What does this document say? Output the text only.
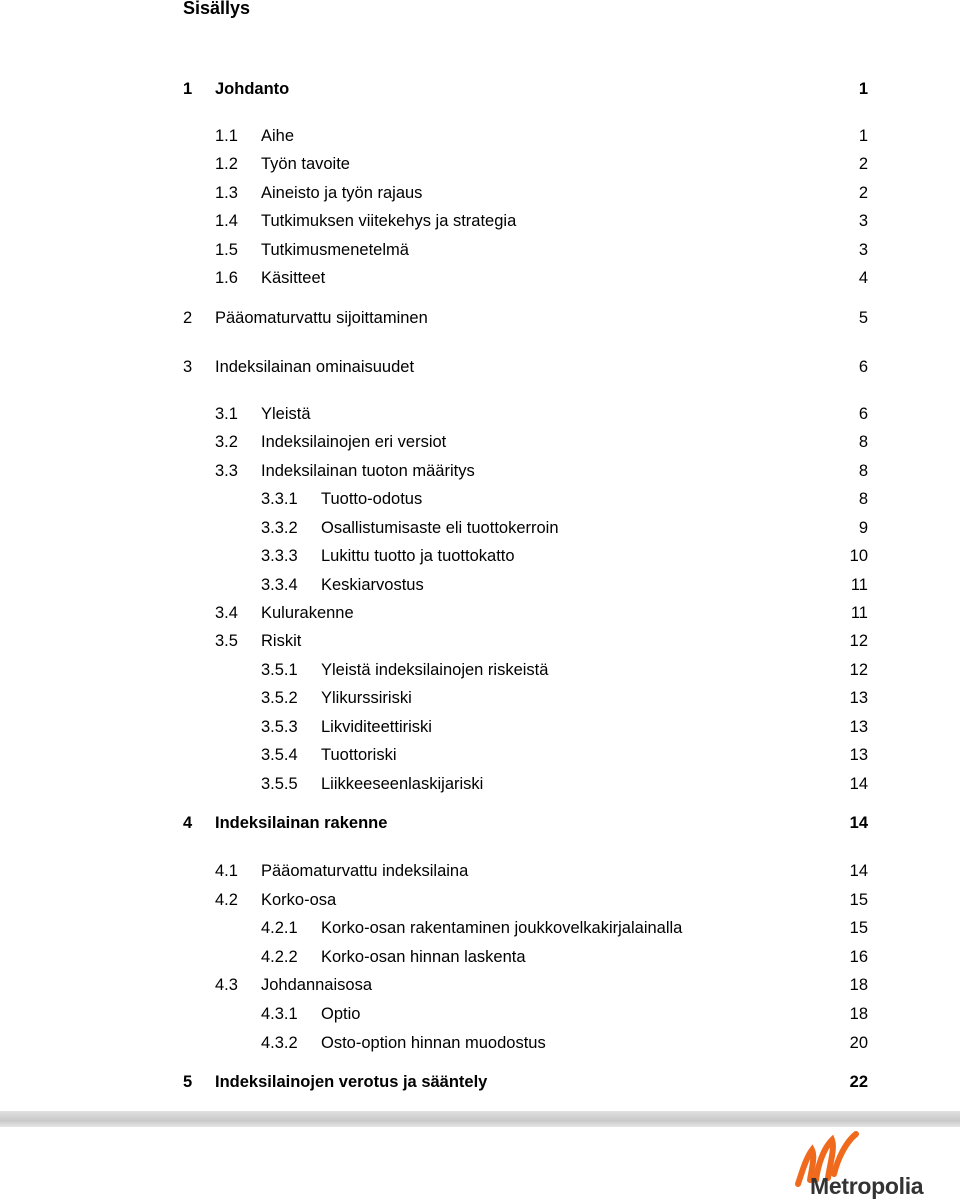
Sisällys
1 Johdanto	1
1.1 Aihe	1
1.2 Työn tavoite	2
1.3 Aineisto ja työn rajaus	2
1.4 Tutkimuksen viitekehys ja strategia	3
1.5 Tutkimusmenetelmä	3
1.6 Käsitteet	4
2 Pääomaturvattu sijoittaminen	5
3 Indeksilainan ominaisuudet	6
3.1 Yleistä	6
3.2 Indeksilainojen eri versiot	8
3.3 Indeksilainan tuoton määritys	8
3.3.1 Tuotto-odotus	8
3.3.2 Osallistumisaste eli tuottokerroin	9
3.3.3 Lukittu tuotto ja tuottokatto	10
3.3.4 Keskiarvostus	11
3.4 Kulurakenne	11
3.5 Riskit	12
3.5.1 Yleistä indeksilainojen riskeistä	12
3.5.2 Ylikurssiriski	13
3.5.3 Likviditeettiriski	13
3.5.4 Tuottoriski	13
3.5.5 Liikkeeseenlaskijariski	14
4 Indeksilainan rakenne	14
4.1 Pääomaturvattu indeksilaina	14
4.2 Korko-osa	15
4.2.1 Korko-osan rakentaminen joukkovelkakirjalainalla	15
4.2.2 Korko-osan hinnan laskenta	16
4.3 Johdannaisosa	18
4.3.1 Optio	18
4.3.2 Osto-option hinnan muodostus	20
5 Indeksilainojen verotus ja sääntely	22
Metropolia
